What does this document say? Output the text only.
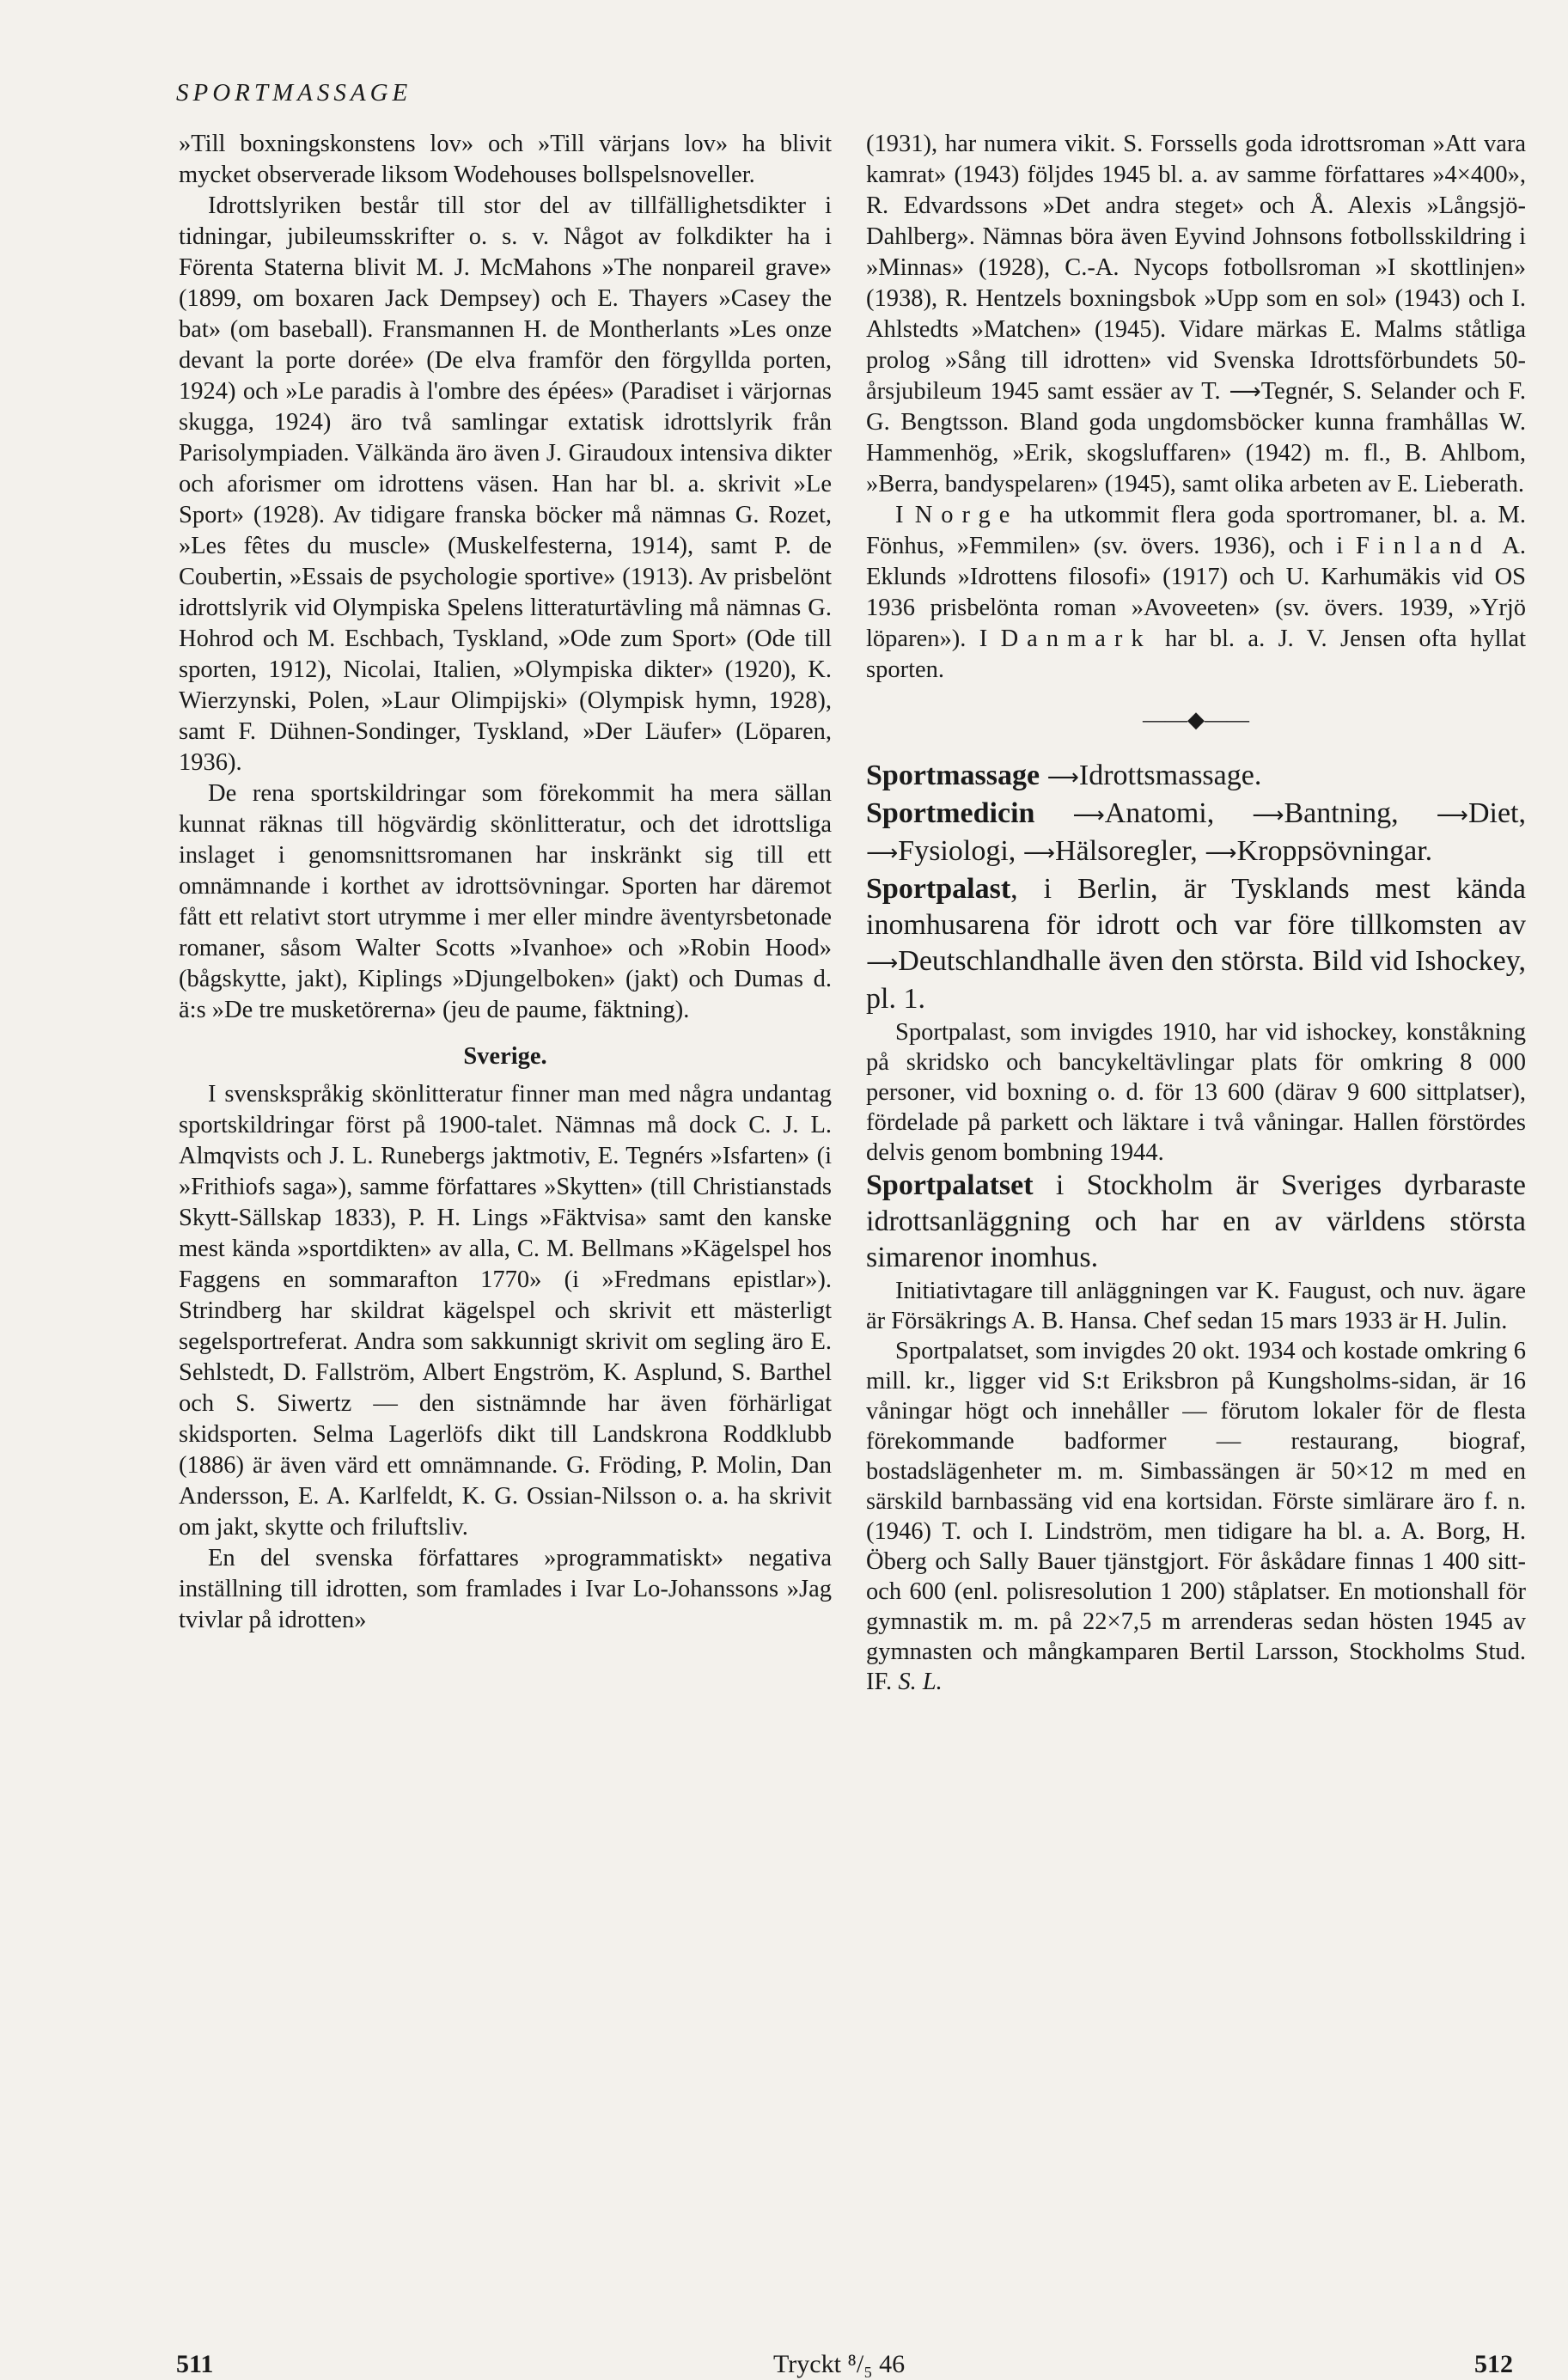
SPORTMASSAGE

»Till boxningskonstens lov» och »Till värjans lov» ha blivit mycket observerade liksom Wodehouses bollspelsnoveller.

Idrottslyriken består till stor del av tillfällighetsdikter i tidningar, jubileumsskrifter o. s. v. Något av folkdikter ha i Förenta Staterna blivit M. J. McMahons »The nonpareil grave» (1899, om boxaren Jack Dempsey) och E. Thayers »Casey the bat» (om baseball). Fransmannen H. de Montherlants »Les onze devant la porte dorée» (De elva framför den förgyllda porten, 1924) och »Le paradis à l'ombre des épées» (Paradiset i värjornas skugga, 1924) äro två samlingar extatisk idrottslyrik från Parisolympiaden. Välkända äro även J. Giraudoux intensiva dikter och aforismer om idrottens väsen. Han har bl. a. skrivit »Le Sport» (1928). Av tidigare franska böcker må nämnas G. Rozet, »Les fêtes du muscle» (Muskelfesterna, 1914), samt P. de Coubertin, »Essais de psychologie sportive» (1913). Av prisbelönt idrottslyrik vid Olympiska Spelens litteraturtävling må nämnas G. Hohrod och M. Eschbach, Tyskland, »Ode zum Sport» (Ode till sporten, 1912), Nicolai, Italien, »Olympiska dikter» (1920), K. Wierzynski, Polen, »Laur Olimpijski» (Olympisk hymn, 1928), samt F. Dühnen-Sondinger, Tyskland, »Der Läufer» (Löparen, 1936).

De rena sportskildringar som förekommit ha mera sällan kunnat räknas till högvärdig skönlitteratur, och det idrottsliga inslaget i genomsnittsromanen har inskränkt sig till ett omnämnande i korthet av idrottsövningar. Sporten har däremot fått ett relativt stort utrymme i mer eller mindre äventyrsbetonade romaner, såsom Walter Scotts »Ivanhoe» och »Robin Hood» (bågskytte, jakt), Kiplings »Djungelboken» (jakt) och Dumas d. ä:s »De tre musketörerna» (jeu de paume, fäktning).

Sverige.

I svenskspråkig skönlitteratur finner man med några undantag sportskildringar först på 1900-talet. Nämnas må dock C. J. L. Almqvists och J. L. Runebergs jaktmotiv, E. Tegnérs »Isfarten» (i »Frithiofs saga»), samme författares »Skytten» (till Christianstads Skytt-Sällskap 1833), P. H. Lings »Fäktvisa» samt den kanske mest kända »sportdikten» av alla, C. M. Bellmans »Kägelspel hos Faggens en sommarafton 1770» (i »Fredmans epistlar»). Strindberg har skildrat kägelspel och skrivit ett mästerligt segelsportreferat. Andra som sakkunnigt skrivit om segling äro E. Sehlstedt, D. Fallström, Albert Engström, K. Asplund, S. Barthel och S. Siwertz — den sistnämnde har även förhärligat skidsporten. Selma Lagerlöfs dikt till Landskrona Roddklubb (1886) är även värd ett omnämnande. G. Fröding, P. Molin, Dan Andersson, E. A. Karlfeldt, K. G. Ossian-Nilsson o. a. ha skrivit om jakt, skytte och friluftsliv.

En del svenska författares »programmatiskt» negativa inställning till idrotten, som framlades i Ivar Lo-Johanssons »Jag tvivlar på idrotten»

(1931), har numera vikit. S. Forssells goda idrottsroman »Att vara kamrat» (1943) följdes 1945 bl. a. av samme författares »4×400», R. Edvardssons »Det andra steget» och Å. Alexis »Långsjö-Dahlberg». Nämnas böra även Eyvind Johnsons fotbollsskildring i »Minnas» (1928), C.-A. Nycops fotbollsroman »I skottlinjen» (1938), R. Hentzels boxningsbok »Upp som en sol» (1943) och I. Ahlstedts »Matchen» (1945). Vidare märkas E. Malms ståtliga prolog »Sång till idrotten» vid Svenska Idrottsförbundets 50-årsjubileum 1945 samt essäer av T. ⟶Tegnér, S. Selander och F. G. Bengtsson. Bland goda ungdomsböcker kunna framhållas W. Hammenhög, »Erik, skogsluffaren» (1942) m. fl., B. Ahlbom, »Berra, bandyspelaren» (1945), samt olika arbeten av E. Lieberath.

I Norge ha utkommit flera goda sportromaner, bl. a. M. Fönhus, »Femmilen» (sv. övers. 1936), och i Finland A. Eklunds »Idrottens filosofi» (1917) och U. Karhumäkis vid OS 1936 prisbelönta roman »Avoveeten» (sv. övers. 1939, »Yrjö löparen»). I Danmark har bl. a. J. V. Jensen ofta hyllat sporten.

——◆——

Sportmassage ⟶Idrottsmassage.

Sportmedicin ⟶Anatomi, ⟶Bantning, ⟶Diet, ⟶Fysiologi, ⟶Hälsoregler, ⟶Kroppsövningar.

Sportpalast, i Berlin, är Tysklands mest kända inomhusarena för idrott och var före tillkomsten av ⟶Deutschlandhalle även den största. Bild vid Ishockey, pl. 1.

Sportpalast, som invigdes 1910, har vid ishockey, konståkning på skridsko och bancykeltävlingar plats för omkring 8 000 personer, vid boxning o. d. för 13 600 (därav 9 600 sittplatser), fördelade på parkett och läktare i två våningar. Hallen förstördes delvis genom bombning 1944.

Sportpalatset i Stockholm är Sveriges dyrbaraste idrottsanläggning och har en av världens största simarenor inomhus.

Initiativtagare till anläggningen var K. Faugust, och nuv. ägare är Försäkrings A. B. Hansa. Chef sedan 15 mars 1933 är H. Julin.

Sportpalatset, som invigdes 20 okt. 1934 och kostade omkring 6 mill. kr., ligger vid S:t Eriksbron på Kungsholms-sidan, är 16 våningar högt och innehåller — förutom lokaler för de flesta förekommande badformer — restaurang, biograf, bostadslägenheter m. m. Simbassängen är 50×12 m med en särskild barnbassäng vid ena kortsidan. Förste simlärare äro f. n. (1946) T. och I. Lindström, men tidigare ha bl. a. A. Borg, H. Öberg och Sally Bauer tjänstgjort. För åskådare finnas 1 400 sitt- och 600 (enl. polisresolution 1 200) ståplatser. En motionshall för gymnastik m. m. på 22×7,5 m arrenderas sedan hösten 1945 av gymnasten och mångkamparen Bertil Larsson, Stockholms Stud. IF. S. L.

511	Tryckt ⁸/₅ 46	512
